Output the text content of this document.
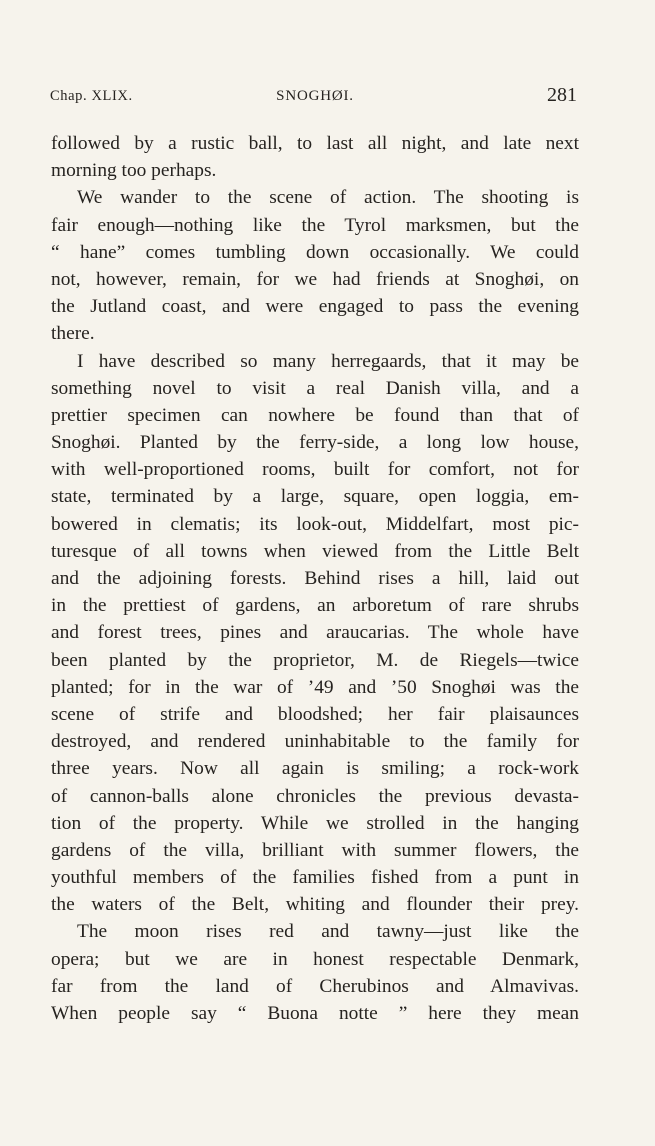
Chap. XLIX.	SNOGHØI.	281
followed by a rustic ball, to last all night, and late next
morning too perhaps.
We wander to the scene of action. The shooting is
fair enough—nothing like the Tyrol marksmen, but the
“ hane” comes tumbling down occasionally. We could
not, however, remain, for we had friends at Snoghøi, on
the Jutland coast, and were engaged to pass the evening
there.
I have described so many herregaards, that it may be
something novel to visit a real Danish villa, and a
prettier specimen can nowhere be found than that of
Snoghøi. Planted by the ferry-side, a long low house,
with well-proportioned rooms, built for comfort, not for
state, terminated by a large, square, open loggia, em-
bowered in clematis; its look-out, Middelfart, most pic-
turesque of all towns when viewed from the Little Belt
and the adjoining forests. Behind rises a hill, laid out
in the prettiest of gardens, an arboretum of rare shrubs
and forest trees, pines and araucarias. The whole have
been planted by the proprietor, M. de Riegels—twice
planted; for in the war of ’49 and ’50 Snoghøi was the
scene of strife and bloodshed; her fair plaisaunces
destroyed, and rendered uninhabitable to the family for
three years. Now all again is smiling; a rock-work
of cannon-balls alone chronicles the previous devasta-
tion of the property. While we strolled in the hanging
gardens of the villa, brilliant with summer flowers, the
youthful members of the families fished from a punt in
the waters of the Belt, whiting and flounder their prey.
The moon rises red and tawny—just like the
opera; but we are in honest respectable Denmark,
far from the land of Cherubinos and Almavivas.
When people say “ Buona notte ” here they mean
